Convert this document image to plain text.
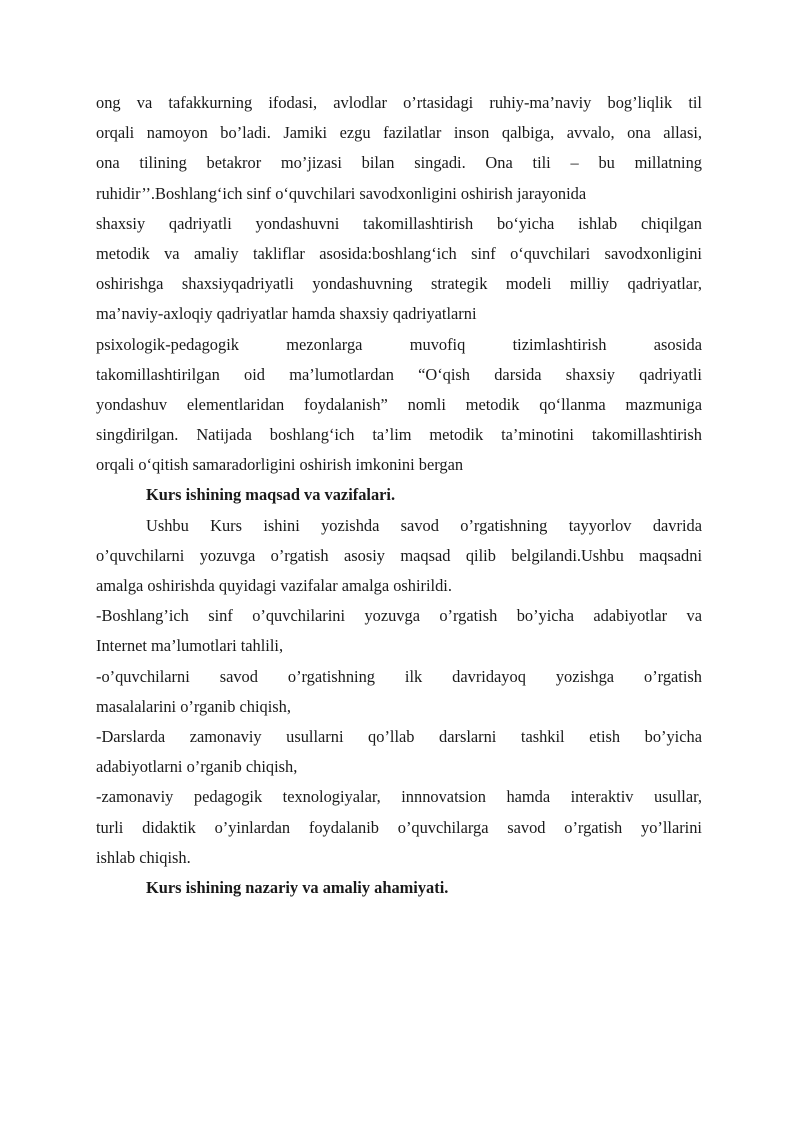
ong va tafakkurning ifodasi, avlodlar o’rtasidagi ruhiy-ma’naviy bog’liqlik til
orqali namoyon bo’ladi. Jamiki ezgu fazilatlar inson qalbiga, avvalo, ona allasi,
ona tilining betakror mo’jizasi bilan singadi. Ona tili – bu millatning
ruhidir’’.Boshlang‘ich sinf o‘quvchilari savodxonligini oshirish jarayonida
shaxsiy qadriyatli yondashuvni takomillashtirish bo‘yicha ishlab chiqilgan
metodik va amaliy takliflar asosida:boshlang‘ich sinf o‘quvchilari savodxonligini
oshirishga shaxsiyqadriyatli yondashuvning strategik modeli milliy qadriyatlar,
ma’naviy-axloqiy qadriyatlar hamda shaxsiy qadriyatlarni
psixologik-pedagogik mezonlarga muvofiq tizimlashtirish asosida
takomillashtirilgan oid ma’lumotlardan “O‘qish darsida shaxsiy qadriyatli
yondashuv elementlaridan foydalanish” nomli metodik qo‘llanma mazmuniga
singdirilgan. Natijada boshlang‘ich ta’lim metodik ta’minotini takomillashtirish
orqali o‘qitish samaradorligini oshirish imkonini bergan
Kurs ishining maqsad va vazifalari.
Ushbu Kurs ishini yozishda savod o’rgatishning tayyorlov davrida
o’quvchilarni yozuvga o’rgatish asosiy maqsad qilib belgilandi.Ushbu maqsadni
amalga oshirishda quyidagi vazifalar amalga oshirildi.
-Boshlang’ich sinf o’quvchilarini yozuvga o’rgatish bo’yicha adabiyotlar va
Internet ma’lumotlari tahlili,
-o’quvchilarni savod o’rgatishning ilk davridayoq yozishga o’rgatish
masalalarini o’rganib chiqish,
-Darslarda zamonaviy usullarni qo’llab darslarni tashkil etish bo’yicha
adabiyotlarni o’rganib chiqish,
-zamonaviy pedagogik texnologiyalar, innnovatsion hamda interaktiv usullar,
turli didaktik o’yinlardan foydalanib o’quvchilarga savod o’rgatish yo’llarini
ishlab chiqish.
Kurs ishining nazariy va amaliy ahamiyati.
